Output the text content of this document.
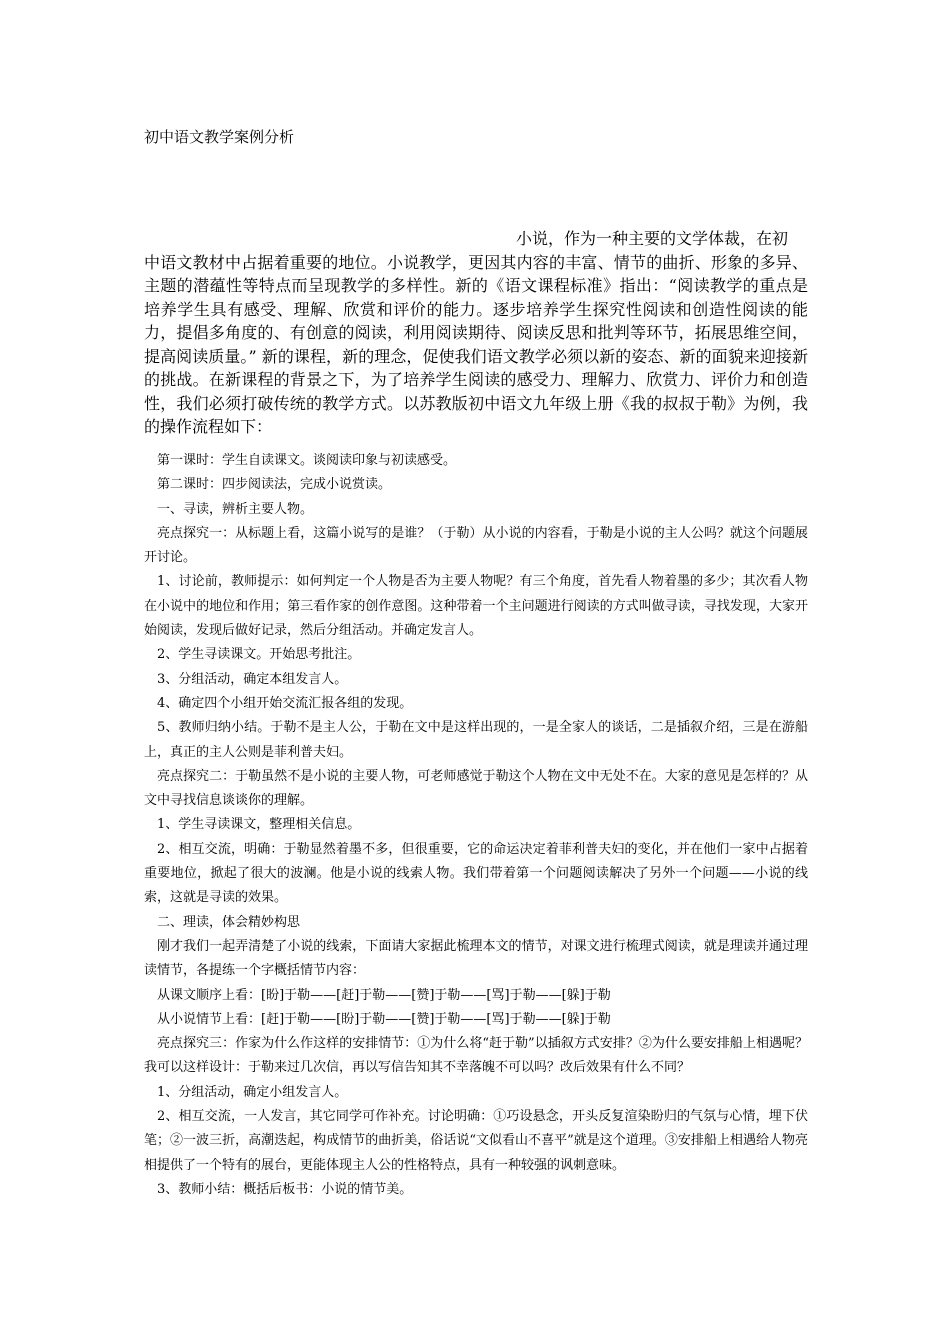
初中语文教学案例分析
小说，作为一种主要的文学体裁，在初
中语文教材中占据着重要的地位。小说教学，更因其内容的丰富、情节的曲折、形象的多异、主题的潜蕴性等特点而呈现教学的多样性。新的《语文课程标准》指出：“阅读教学的重点是培养学生具有感受、理解、欣赏和评价的能力。逐步培养学生探究性阅读和创造性阅读的能力，提倡多角度的、有创意的阅读，利用阅读期待、阅读反思和批判等环节，拓展思维空间，提高阅读质量。” 新的课程，新的理念，促使我们语文教学必须以新的姿态、新的面貌来迎接新的挑战。在新课程的背景之下，为了培养学生阅读的感受力、理解力、欣赏力、评价力和创造性，我们必须打破传统的教学方式。以苏教版初中语文九年级上册《我的叔叔于勒》为例，我的操作流程如下：

第一课时：学生自读课文。谈阅读印象与初读感受。

第二课时：四步阅读法，完成小说赏读。

一、寻读，辨析主要人物。

亮点探究一：从标题上看，这篇小说写的是谁？（于勒）从小说的内容看，于勒是小说的主人公吗？就这个问题展开讨论。

1、讨论前，教师提示：如何判定一个人物是否为主要人物呢？有三个角度，首先看人物着墨的多少；其次看人物在小说中的地位和作用；第三看作家的创作意图。这种带着一个主问题进行阅读的方式叫做寻读，寻找发现，大家开始阅读，发现后做好记录，然后分组活动。并确定发言人。

2、学生寻读课文。开始思考批注。

3、分组活动，确定本组发言人。

4、确定四个小组开始交流汇报各组的发现。

5、教师归纳小结。于勒不是主人公，于勒在文中是这样出现的，一是全家人的谈话，二是插叙介绍，三是在游船上，真正的主人公则是菲利普夫妇。

亮点探究二：于勒虽然不是小说的主要人物，可老师感觉于勒这个人物在文中无处不在。大家的意见是怎样的？从文中寻找信息谈谈你的理解。

1、学生寻读课文，整理相关信息。

2、相互交流，明确：于勒显然着墨不多，但很重要，它的命运决定着菲利普夫妇的变化，并在他们一家中占据着重要地位，掀起了很大的波澜。他是小说的线索人物。我们带着第一个问题阅读解决了另外一个问题——小说的线索，这就是寻读的效果。

二、理读，体会精妙构思

刚才我们一起弄清楚了小说的线索，下面请大家据此梳理本文的情节，对课文进行梳理式阅读，就是理读并通过理读情节，各提练一个字概括情节内容：

从课文顺序上看：[盼]于勒——[赶]于勒——[赞]于勒——[骂]于勒——[躲]于勒

从小说情节上看：[赶]于勒——[盼]于勒——[赞]于勒——[骂]于勒——[躲]于勒

亮点探究三：作家为什么作这样的安排情节：①为什么将“赶于勒”以插叙方式安排？②为什么要安排船上相遇呢？我可以这样设计：于勒来过几次信，再以写信告知其不幸落魄不可以吗？改后效果有什么不同？

1、分组活动，确定小组发言人。

2、相互交流，一人发言，其它同学可作补充。讨论明确：①巧设悬念，开头反复渲染盼归的气氛与心情，埋下伏笔；②一波三折，高潮迭起，构成情节的曲折美，俗话说“文似看山不喜平”就是这个道理。③安排船上相遇给人物亮相提供了一个特有的展台，更能体现主人公的性格特点，具有一种较强的讽刺意味。

3、教师小结：概括后板书：小说的情节美。
